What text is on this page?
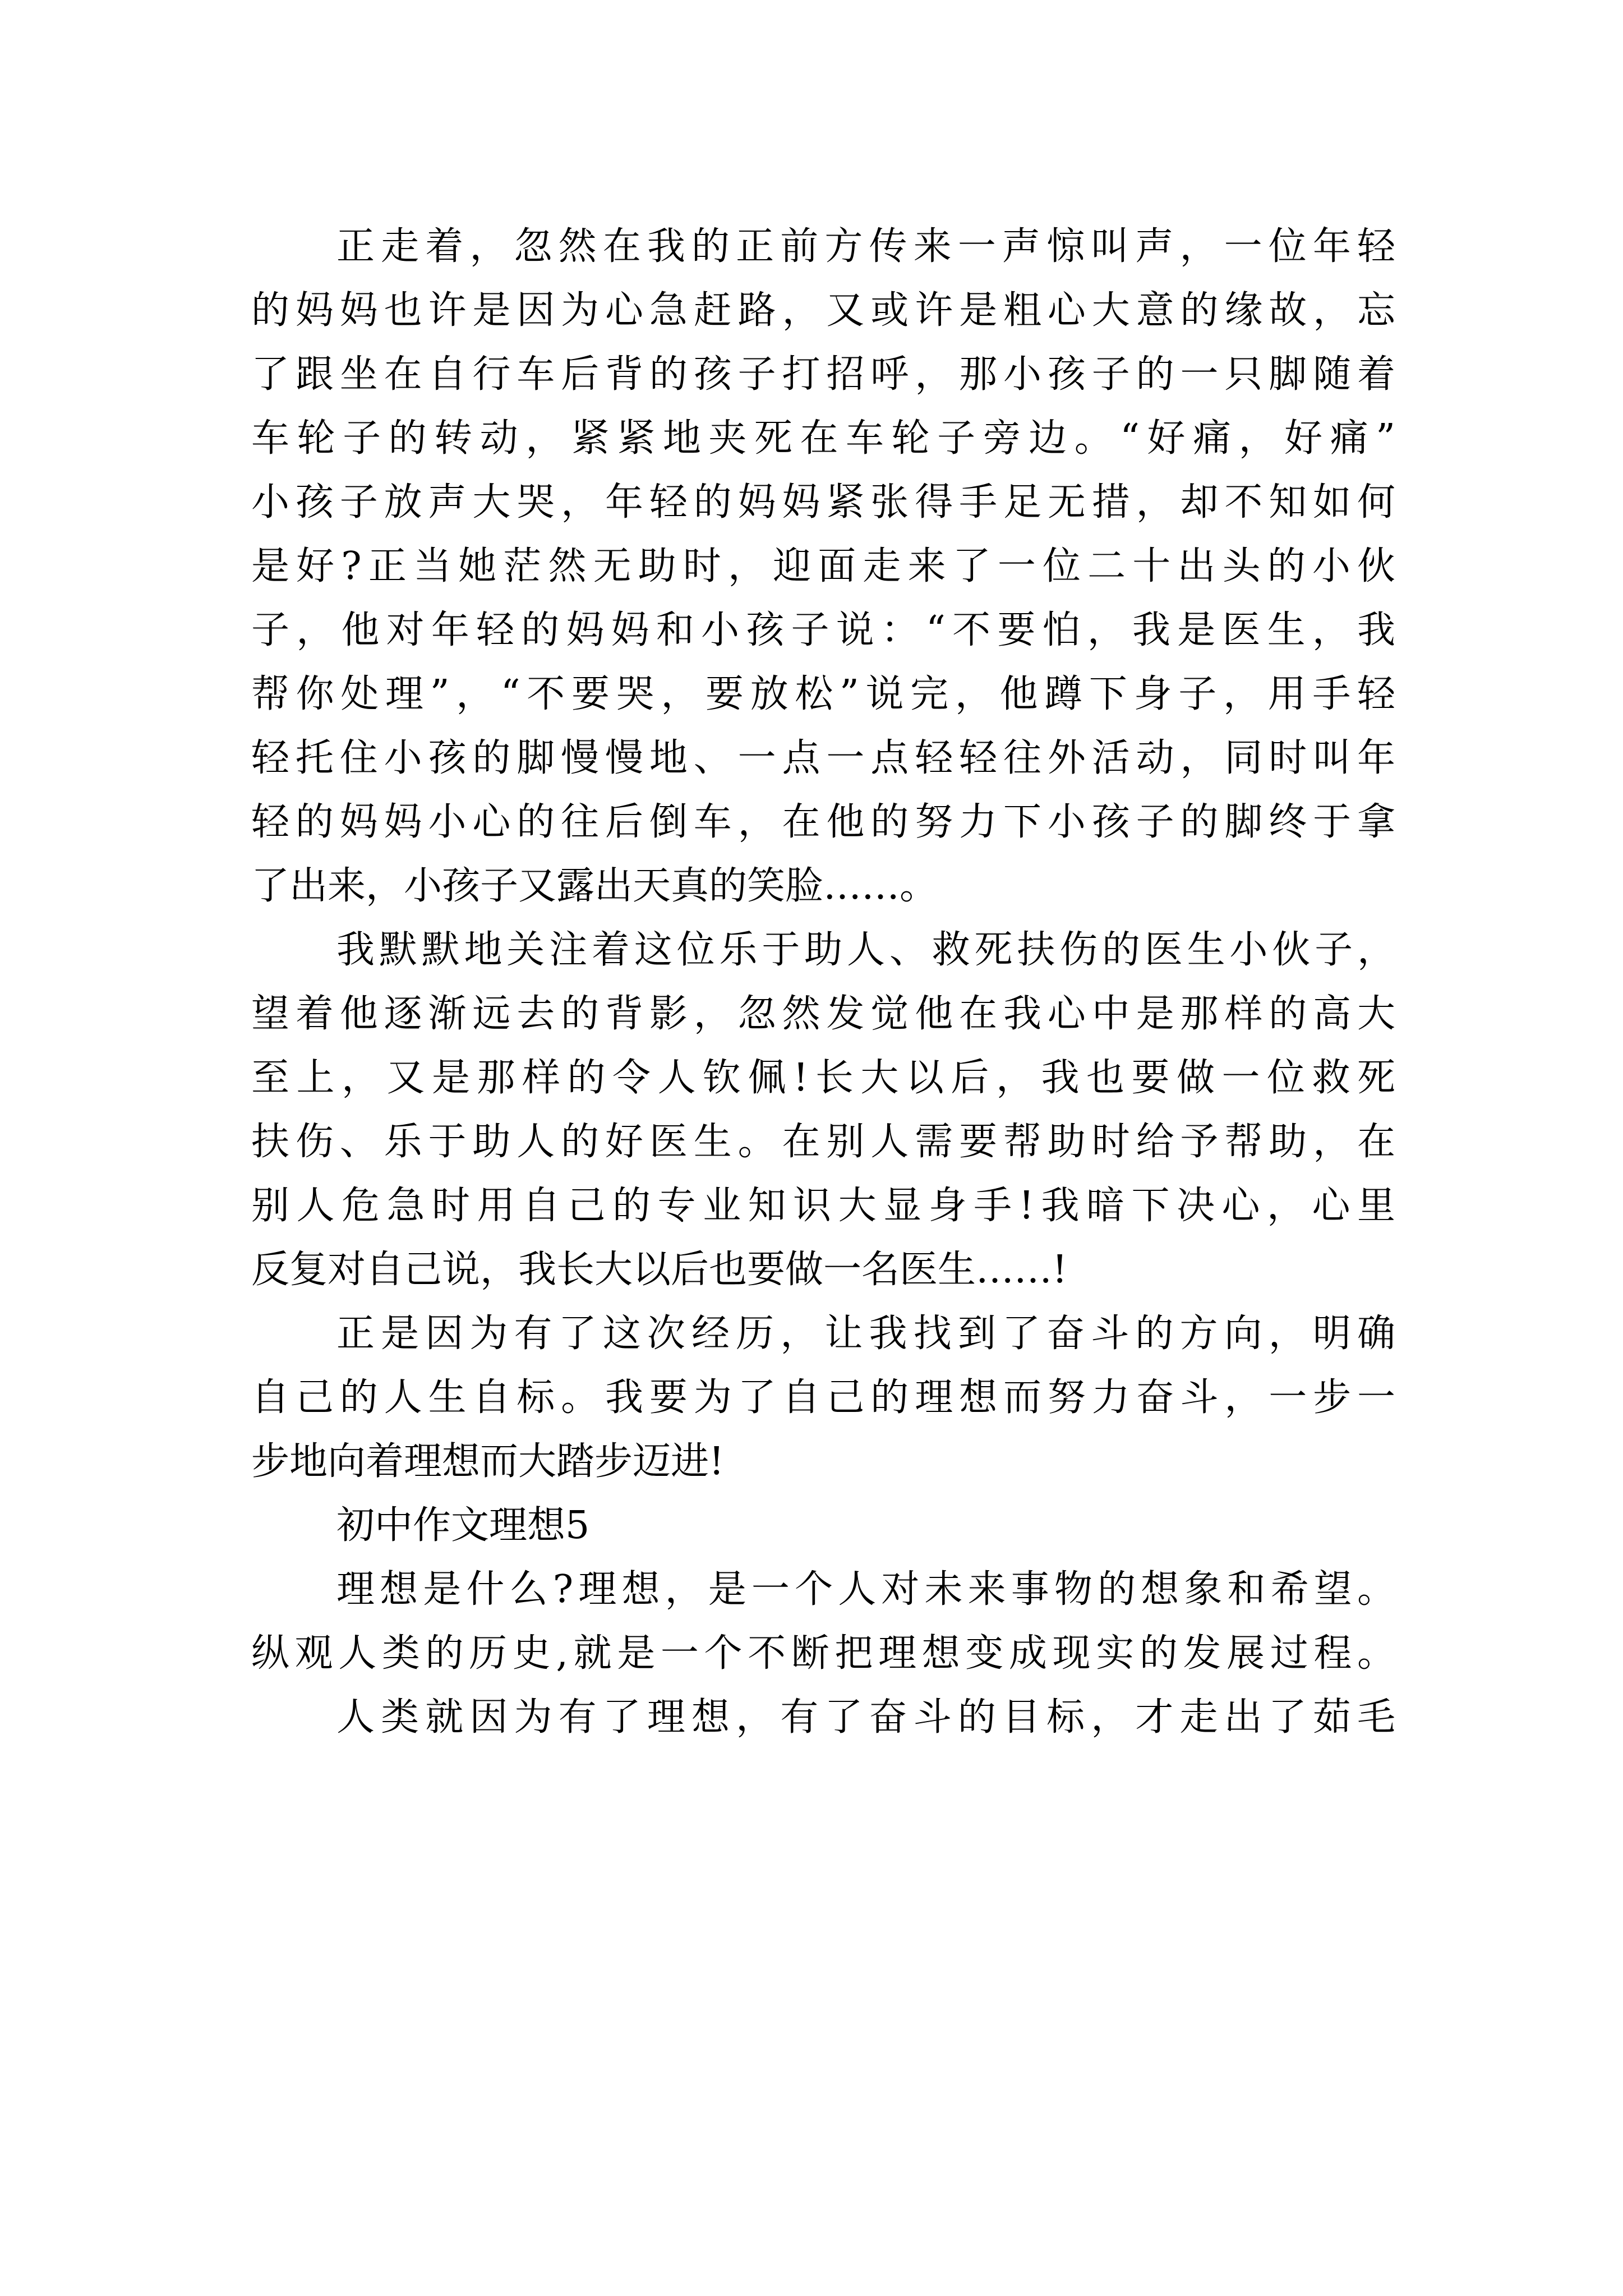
正走着，忽然在我的正前方传来一声惊叫声，一位年轻
的妈妈也许是因为心急赶路，又或许是粗心大意的缘故，忘
了跟坐在自行车后背的孩子打招呼，那小孩子的一只脚随着
车轮子的转动，紧紧地夹死在车轮子旁边。“好痛，好痛”
小孩子放声大哭，年轻的妈妈紧张得手足无措，却不知如何
是好?正当她茫然无助时，迎面走来了一位二十出头的小伙
子，他对年轻的妈妈和小孩子说：“不要怕，我是医生，我
帮你处理”，“不要哭，要放松”说完，他蹲下身子，用手轻
轻托住小孩的脚慢慢地、一点一点轻轻往外活动，同时叫年
轻的妈妈小心的往后倒车，在他的努力下小孩子的脚终于拿
了出来，小孩子又露出天真的笑脸……。
我默默地关注着这位乐于助人、救死扶伤的医生小伙子，
望着他逐渐远去的背影，忽然发觉他在我心中是那样的高大
至上，又是那样的令人钦佩!长大以后，我也要做一位救死
扶伤、乐于助人的好医生。在别人需要帮助时给予帮助，在
别人危急时用自己的专业知识大显身手!我暗下决心，心里
反复对自己说，我长大以后也要做一名医生……!
正是因为有了这次经历，让我找到了奋斗的方向，明确
自己的人生自标。我要为了自己的理想而努力奋斗，一步一
步地向着理想而大踏步迈进!
初中作文理想5
理想是什么?理想，是一个人对未来事物的想象和希望。
纵观人类的历史,就是一个不断把理想变成现实的发展过程。
人类就因为有了理想，有了奋斗的目标，才走出了茹毛
